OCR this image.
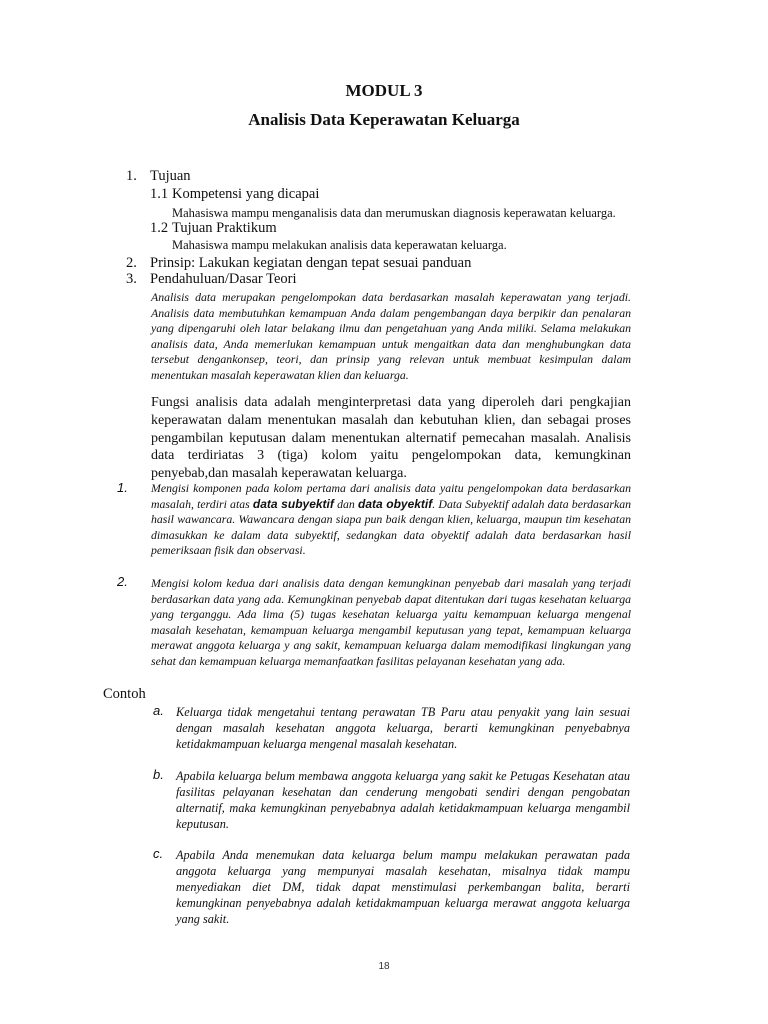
MODUL 3
Analisis Data Keperawatan Keluarga
1. Tujuan
1.1 Kompetensi yang dicapai
Mahasiswa mampu menganalisis data dan merumuskan diagnosis keperawatan keluarga.
1.2 Tujuan Praktikum
Mahasiswa mampu melakukan analisis data keperawatan keluarga.
2. Prinsip: Lakukan kegiatan dengan tepat sesuai panduan
3. Pendahuluan/Dasar Teori

Analisis data merupakan pengelompokan data berdasarkan masalah keperawatan yang terjadi. Analisis data membutuhkan kemampuan Anda dalam pengembangan daya berpikir dan penalaran yang dipengaruhi oleh latar belakang ilmu dan pengetahuan yang Anda miliki. Selama melakukan analisis data, Anda memerlukan kemampuan untuk mengaitkan data dan menghubungkan data tersebut dengankonsep, teori, dan prinsip yang relevan untuk membuat kesimpulan dalam menentukan masalah keperawatan klien dan keluarga.

Fungsi analisis data adalah menginterpretasi data yang diperoleh dari pengkajian keperawatan dalam menentukan masalah dan kebutuhan klien, dan sebagai proses pengambilan keputusan dalam menentukan alternatif pemecahan masalah. Analisis data terdiriatas 3 (tiga) kolom yaitu pengelompokan data, kemungkinan penyebab,dan masalah keperawatan keluarga.

1. Mengisi komponen pada kolom pertama dari analisis data yaitu pengelompokan data berdasarkan masalah, terdiri atas data subyektif dan data obyektif. Data Subyektif adalah data berdasarkan hasil wawancara. Wawancara dengan siapa pun baik dengan klien, keluarga, maupun tim kesehatan dimasukkan ke dalam data subyektif, sedangkan data obyektif adalah data berdasarkan hasil pemeriksaan fisik dan observasi.

2. Mengisi kolom kedua dari analisis data dengan kemungkinan penyebab dari masalah yang terjadi berdasarkan data yang ada. Kemungkinan penyebab dapat ditentukan dari tugas kesehatan keluarga yang terganggu. Ada lima (5) tugas kesehatan keluarga yaitu kemampuan keluarga mengenal masalah kesehatan, kemampuan keluarga mengambil keputusan yang tepat, kemampuan keluarga merawat anggota keluarga y ang sakit, kemampuan keluarga dalam memodifikasi lingkungan yang sehat dan kemampuan keluarga memanfaatkan fasilitas pelayanan kesehatan yang ada.

Contoh
a. Keluarga tidak mengetahui tentang perawatan TB Paru atau penyakit yang lain sesuai dengan masalah kesehatan anggota keluarga, berarti kemungkinan penyebabnya ketidakmampuan keluarga mengenal masalah kesehatan.

b. Apabila keluarga belum membawa anggota keluarga yang sakit ke Petugas Kesehatan atau fasilitas pelayanan kesehatan dan cenderung mengobati sendiri dengan pengobatan alternatif, maka kemungkinan penyebabnya adalah ketidakmampuan keluarga mengambil keputusan.

c. Apabila Anda menemukan data keluarga belum mampu melakukan perawatan pada anggota keluarga yang mempunyai masalah kesehatan, misalnya tidak mampu menyediakan diet DM, tidak dapat menstimulasi perkembangan balita, berarti kemungkinan penyebabnya adalah ketidakmampuan keluarga merawat anggota keluarga yang sakit.

18
